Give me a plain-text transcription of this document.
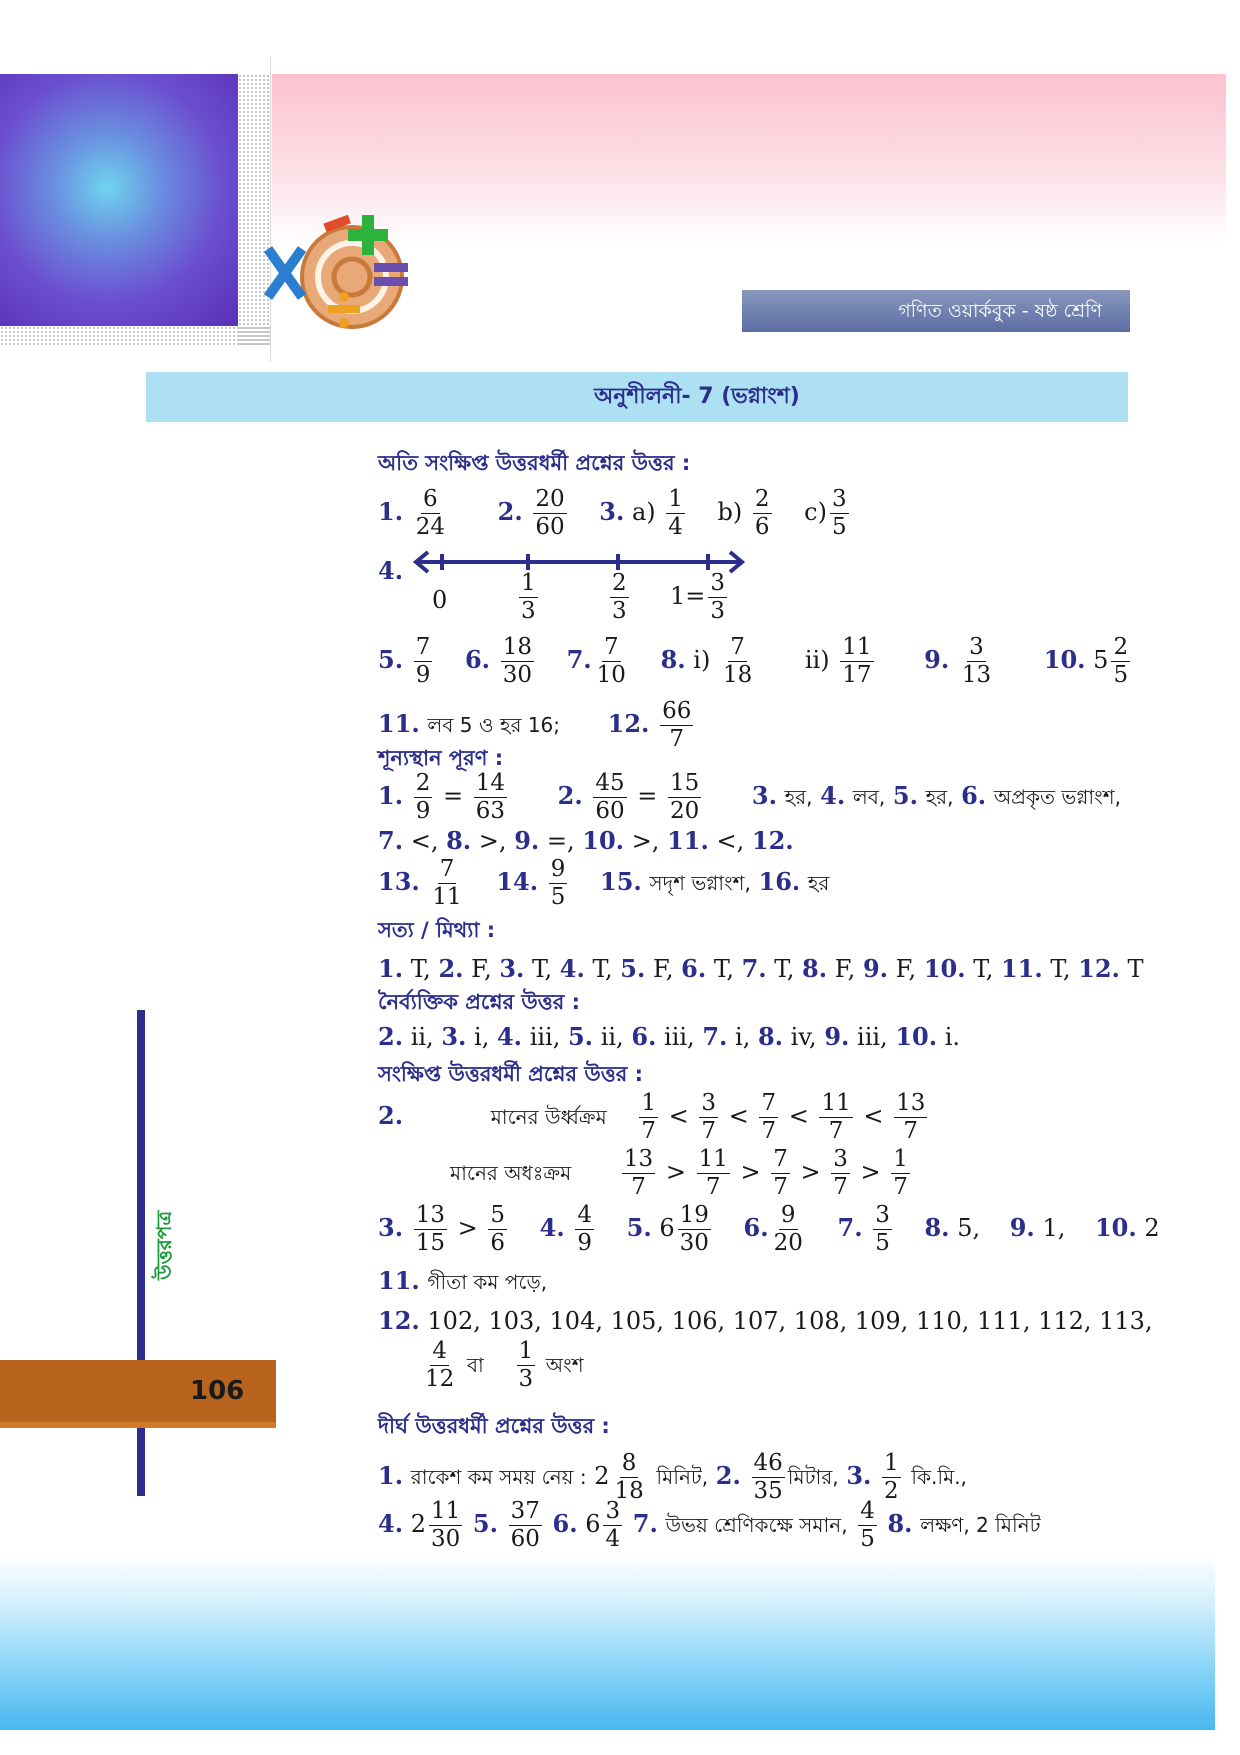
গণিত ওয়ার্কবুক - ষষ্ঠ শ্রেণি
অনুশীলনী- 7 (ভগ্নাংশ)
উত্তরপত্র
106
অতি সংক্ষিপ্ত উত্তরধর্মী প্রশ্নের উত্তর :
1. $\frac{6}{24} 2$. $\frac{20}{60} 3$. $a) \frac{1}{4} b) \frac{2}{6} c) \frac{3}{5}$
4.
0	$\frac{1}{3}$	$\frac{2}{3} 1= \frac{3}{3}$
5. $\frac{7}{9} 6$. $\frac{18}{30} 7$. $\frac{7}{10} 8$. $i) \frac{7}{18} ii) \frac{11}{17} 9$. $\frac{3}{13} 10$. $5 \frac{2}{5}$
11. লব 5 ও হর 16; 12. $\frac{66}{7}$
শূন্যস্থান পূরণ :
1. $\frac{2}{9} = \frac{14}{63} 2$. $\frac{45}{60} = \frac{15}{20} 3$. হর, 4. লব, 5. হর, 6. অপ্রকৃত ভগ্নাংশ,
7. <, 8. >, 9. =, 10. >, 11. <, 12.
13. $\frac{7}{11} 14$. $\frac{9}{5} 15$. সদৃশ ভগ্নাংশ, 16. হর
সত্য / মিথ্যা :
1. T, 2. F, 3. T, 4. T, 5. F, 6. T, 7. T, 8. F, 9. F, 10. T, 11. T, 12. T
নৈর্ব্যক্তিক প্রশ্নের উত্তর :
2. ii, 3. i, 4. iii, 5. ii, 6. iii, 7. i, 8. iv, 9. iii, 10. i.
সংক্ষিপ্ত উত্তরধর্মী প্রশ্নের উত্তর :
2.	মানের উর্ধ্বক্রম $\frac{1}{7} < \frac{3}{7} < \frac{7}{7} < \frac{11}{7} < \frac{13}{7}$
মানের অধঃক্রম $\frac{13}{7} > \frac{11}{7} > \frac{7}{7} > \frac{3}{7} > \frac{1}{7}$
3. $\frac{13}{15} > \frac{5}{6} 4$. $\frac{4}{9} 5$. $6 \frac{19}{30} 6$. $\frac{9}{20} 7$. $\frac{3}{5} 8$. 5, 9. 1, 10. 2
11. গীতা কম পড়ে,
12. 102, 103, 104, 105, 106, 107, 108, 109, 110, 111, 112, 113,
$\frac{4}{12}$ বা $\frac{1}{3}$ অংশ
দীর্ঘ উত্তরধর্মী প্রশ্নের উত্তর :
1. রাকেশ কম সময় নেয় : $2 \frac{8}{18}$ মিনিট, 2. $\frac{46}{35}$ মিটার, 3. $\frac{1}{2}$ কি.মি.,
4. $2 \frac{11}{30} 5$. $\frac{37}{60} 6$. $6 \frac{3}{4} 7$. উভয় শ্রেণিকক্ষে সমান, $\frac{4}{5} 8$. লক্ষণ, 2 মিনিট
